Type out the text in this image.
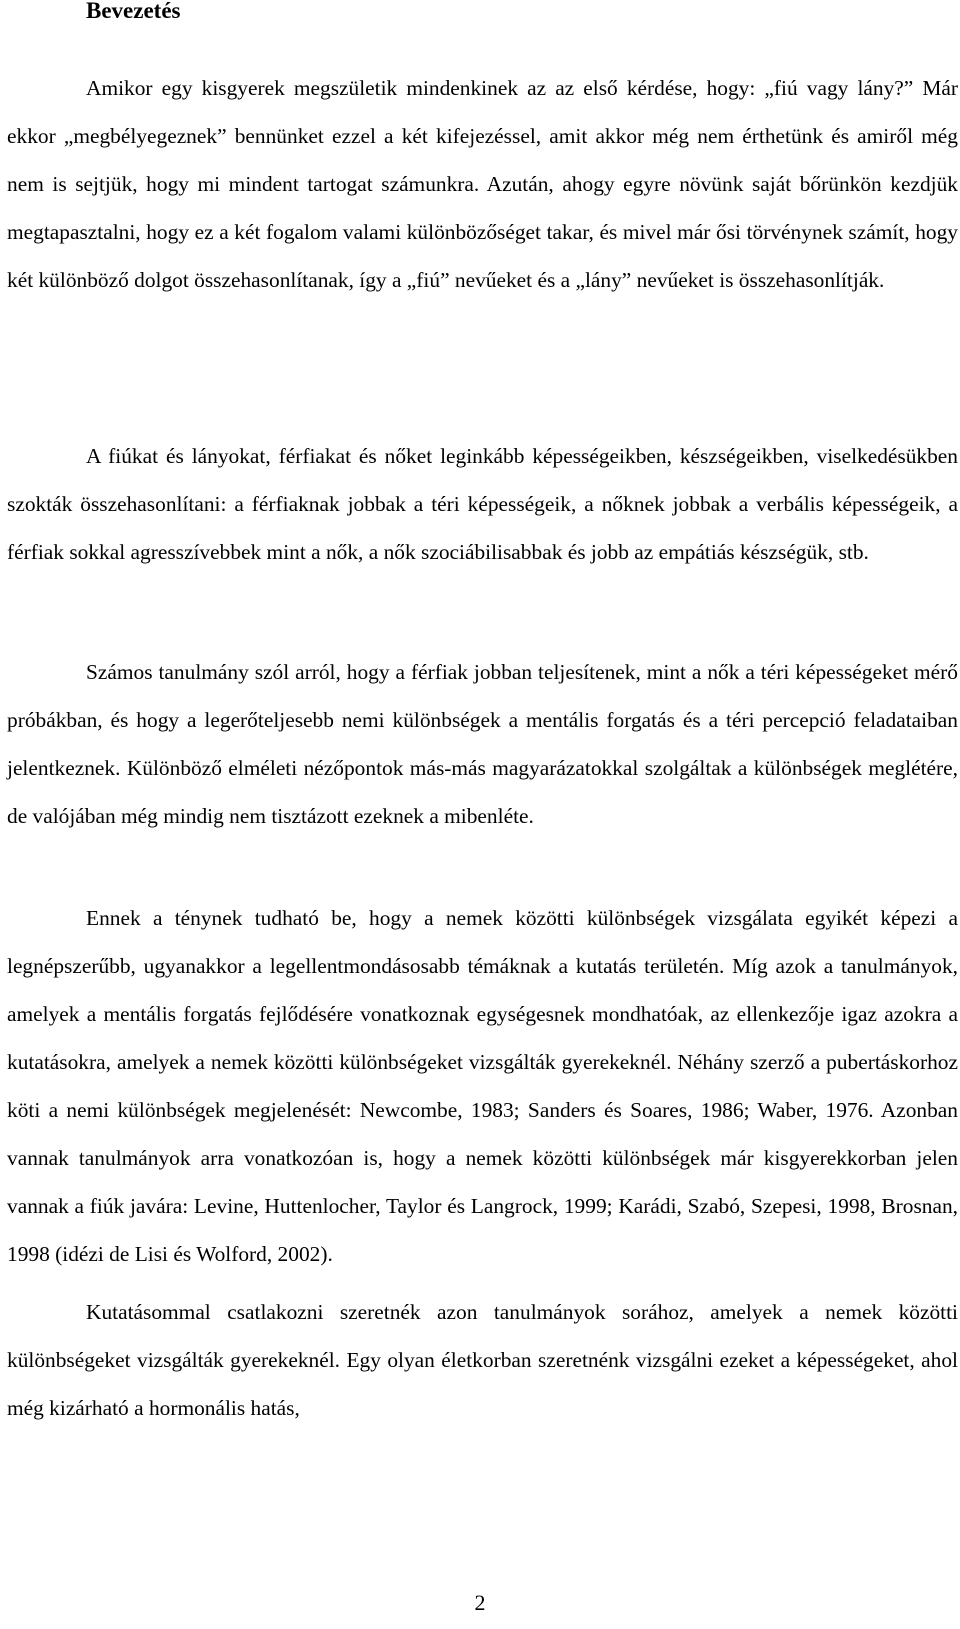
Bevezetés

Amikor egy kisgyerek megszületik mindenkinek az az első kérdése, hogy: „fiú vagy lány?” Már ekkor „megbélyegeznek” bennünket ezzel a két kifejezéssel, amit akkor még nem érthetünk és amiről még nem is sejtjük, hogy mi mindent tartogat számunkra. Azután, ahogy egyre növünk saját bőrünkön kezdjük megtapasztalni, hogy ez a két fogalom valami különbözőséget takar, és mivel már ősi törvénynek számít, hogy két különböző dolgot összehasonlítanak, így a „fiú” nevűeket és a „lány” nevűeket is összehasonlítják.

A fiúkat és lányokat, férfiakat és nőket leginkább képességeikben, készségeikben, viselkedésükben szokták összehasonlítani: a férfiaknak jobbak a téri képességeik, a nőknek jobbak a verbális képességeik, a férfiak sokkal agresszívebbek mint a nők, a nők szociábilisabbak és jobb az empátiás készségük, stb.

Számos tanulmány szól arról, hogy a férfiak jobban teljesítenek, mint a nők a téri képességeket mérő próbákban, és hogy a legerőteljesebb nemi különbségek a mentális forgatás és a téri percepció feladataiban jelentkeznek. Különböző elméleti nézőpontok más-más magyarázatokkal szolgáltak a különbségek meglétére, de valójában még mindig nem tisztázott ezeknek a mibenléte.

Ennek a ténynek tudható be, hogy a nemek közötti különbségek vizsgálata egyikét képezi a legnépszerűbb, ugyanakkor a legellentmondásosabb témáknak a kutatás területén. Míg azok a tanulmányok, amelyek a mentális forgatás fejlődésére vonatkoznak egységesnek mondhatóak, az ellenkezője igaz azokra a kutatásokra, amelyek a nemek közötti különbségeket vizsgálták gyerekeknél. Néhány szerző a pubertáskorhoz köti a nemi különbségek megjelenését: Newcombe, 1983; Sanders és Soares, 1986; Waber, 1976. Azonban vannak tanulmányok arra vonatkozóan is, hogy a nemek közötti különbségek már kisgyerekkorban jelen vannak a fiúk javára: Levine, Huttenlocher, Taylor és Langrock, 1999; Karádi, Szabó, Szepesi, 1998, Brosnan, 1998 (idézi de Lisi és Wolford, 2002).

Kutatásommal csatlakozni szeretnék azon tanulmányok sorához, amelyek a nemek közötti különbségeket vizsgálták gyerekeknél. Egy olyan életkorban szeretnénk vizsgálni ezeket a képességeket, ahol még kizárható a hormonális hatás,

2
